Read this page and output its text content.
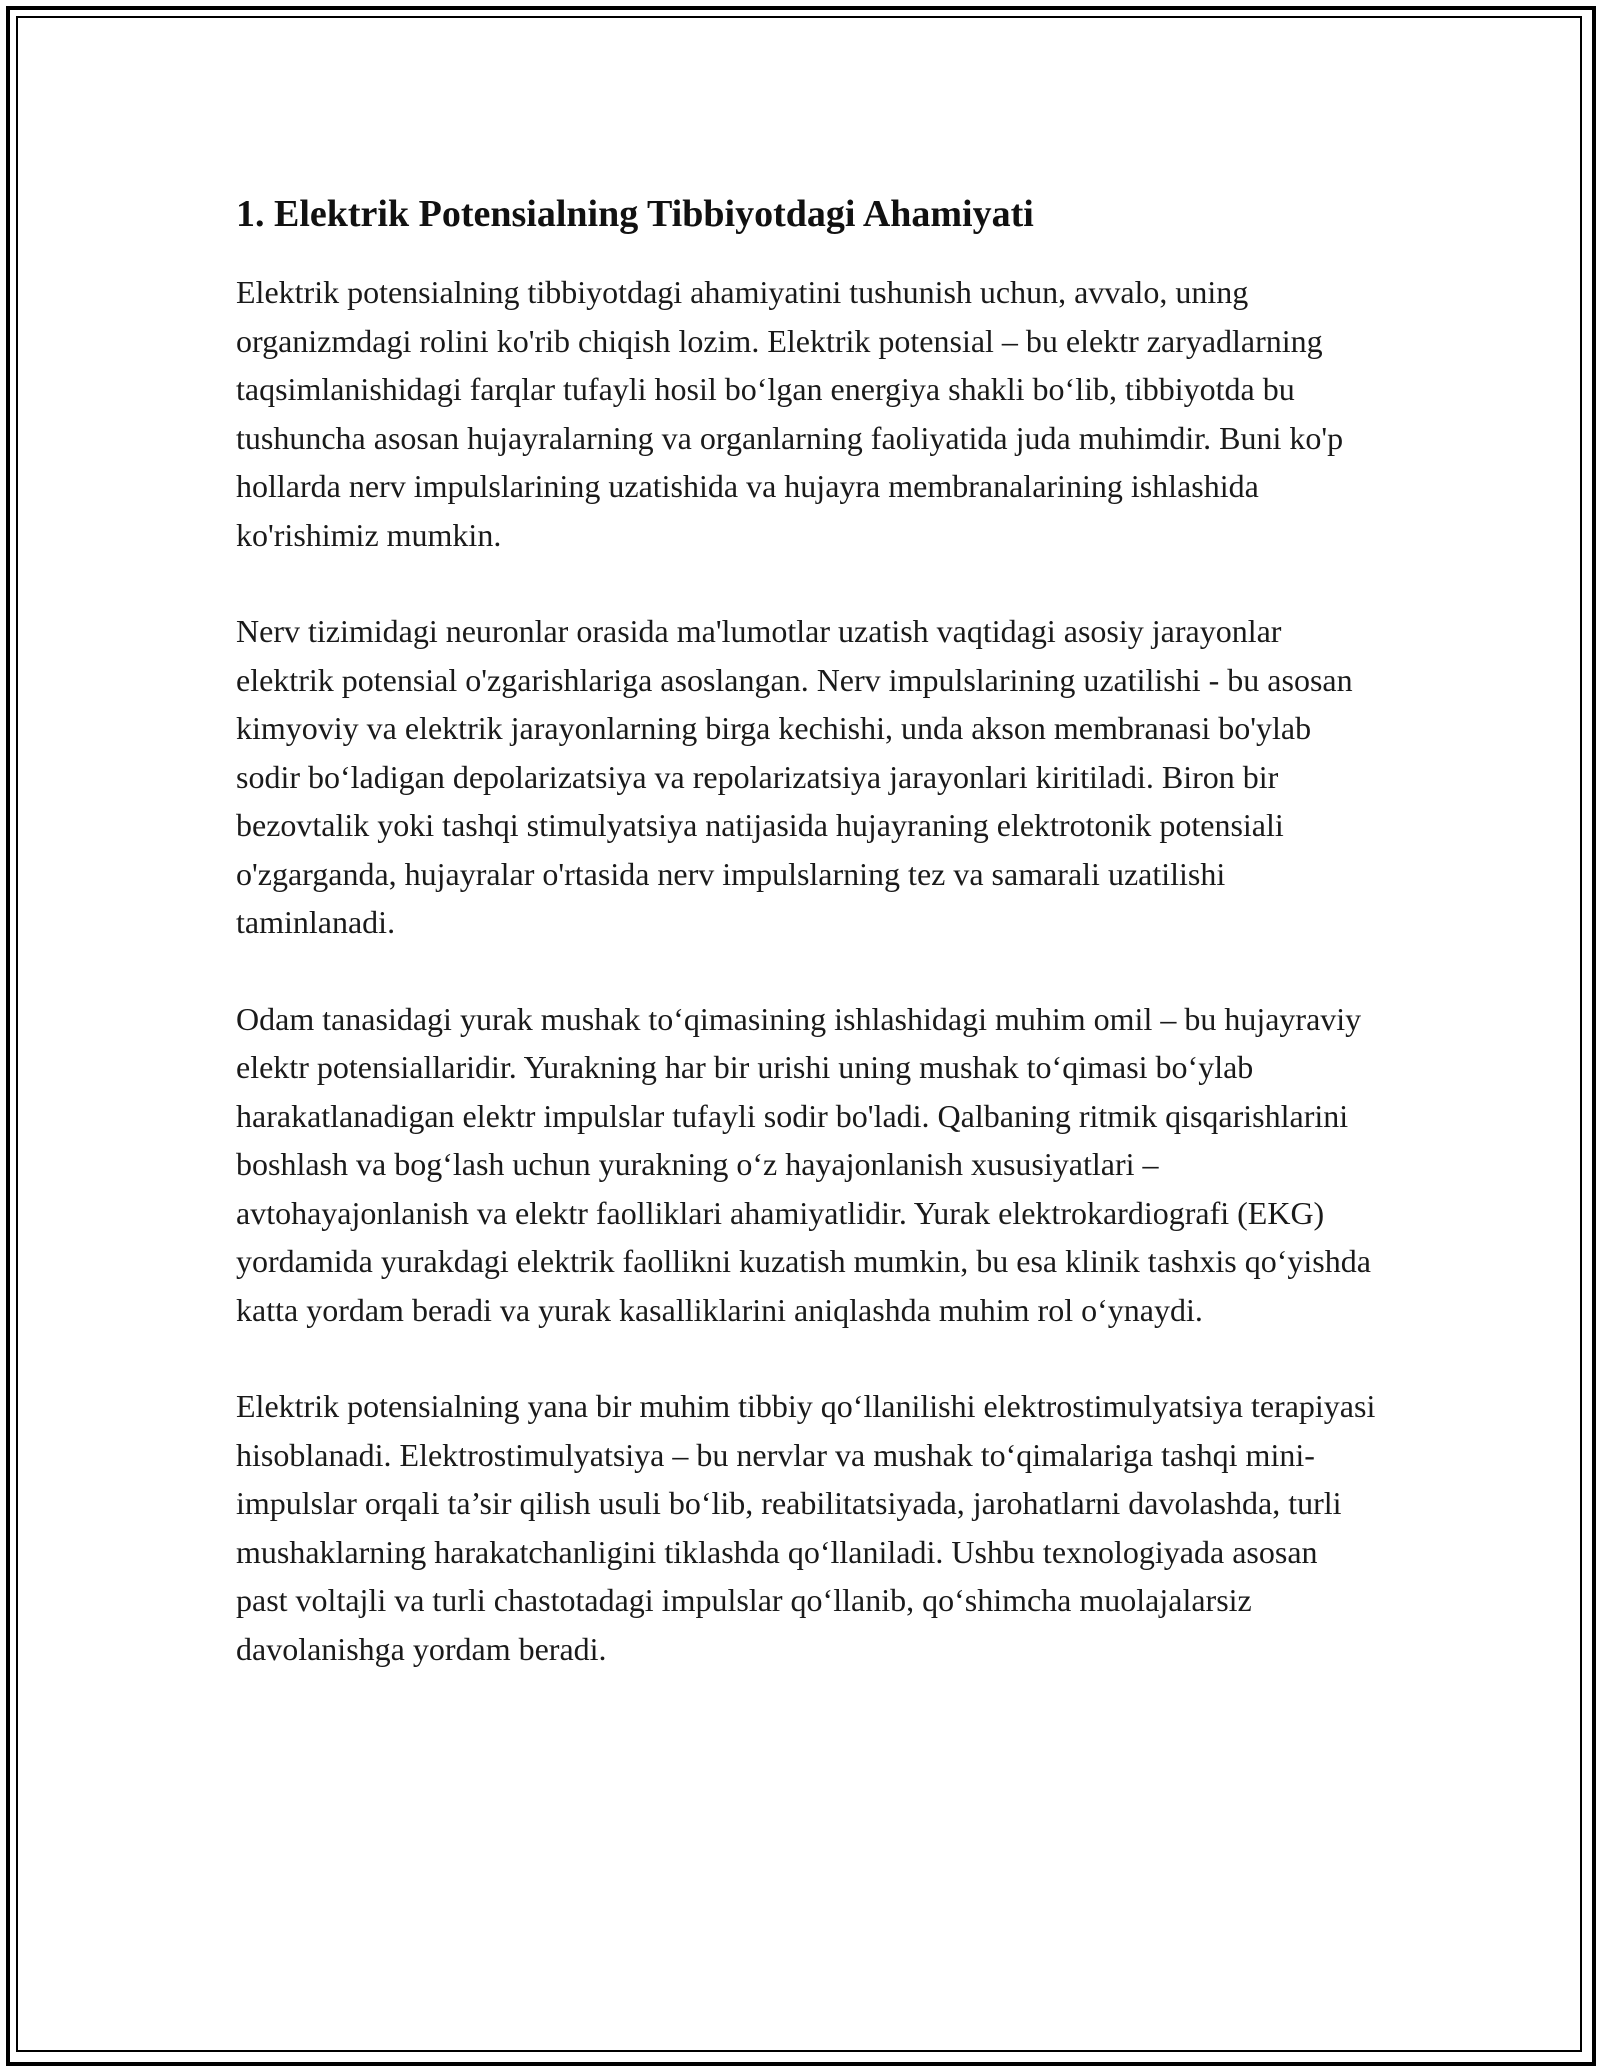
1. Elektrik Potensialning Tibbiyotdagi Ahamiyati

Elektrik potensialning tibbiyotdagi ahamiyatini tushunish uchun, avvalo, uning organizmdagi rolini ko'rib chiqish lozim. Elektrik potensial – bu elektr zaryadlarning taqsimlanishidagi farqlar tufayli hosil bo‘lgan energiya shakli bo‘lib, tibbiyotda bu tushuncha asosan hujayralarning va organlarning faoliyatida juda muhimdir. Buni ko'p hollarda nerv impulslarining uzatishida va hujayra membranalarining ishlashida ko'rishimiz mumkin.

Nerv tizimidagi neuronlar orasida ma'lumotlar uzatish vaqtidagi asosiy jarayonlar elektrik potensial o'zgarishlariga asoslangan. Nerv impulslarining uzatilishi - bu asosan kimyoviy va elektrik jarayonlarning birga kechishi, unda akson membranasi bo'ylab sodir bo‘ladigan depolarizatsiya va repolarizatsiya jarayonlari kiritiladi. Biron bir bezovtalik yoki tashqi stimulyatsiya natijasida hujayraning elektrotonik potensiali o'zgarganda, hujayralar o'rtasida nerv impulslarning tez va samarali uzatilishi taminlanadi.

Odam tanasidagi yurak mushak to‘qimasining ishlashidagi muhim omil – bu hujayraviy elektr potensiallaridir. Yurakning har bir urishi uning mushak to‘qimasi bo‘ylab harakatlanadigan elektr impulslar tufayli sodir bo'ladi. Qalbaning ritmik qisqarishlarini boshlash va bog‘lash uchun yurakning o‘z hayajonlanish xususiyatlari – avtohayajonlanish va elektr faolliklari ahamiyatlidir. Yurak elektrokardiografi (EKG) yordamida yurakdagi elektrik faollikni kuzatish mumkin, bu esa klinik tashxis qo‘yishda katta yordam beradi va yurak kasalliklarini aniqlashda muhim rol o‘ynaydi.

Elektrik potensialning yana bir muhim tibbiy qo‘llanilishi elektrostimulyatsiya terapiyasi hisoblanadi. Elektrostimulyatsiya – bu nervlar va mushak to‘qimalariga tashqi mini-impulslar orqali ta’sir qilish usuli bo‘lib, reabilitatsiyada, jarohatlarni davolashda, turli mushaklarning harakatchanligini tiklashda qo‘llaniladi. Ushbu texnologiyada asosan past voltajli va turli chastotadagi impulslar qo‘llanib, qo‘shimcha muolajalarsiz davolanishga yordam beradi.
